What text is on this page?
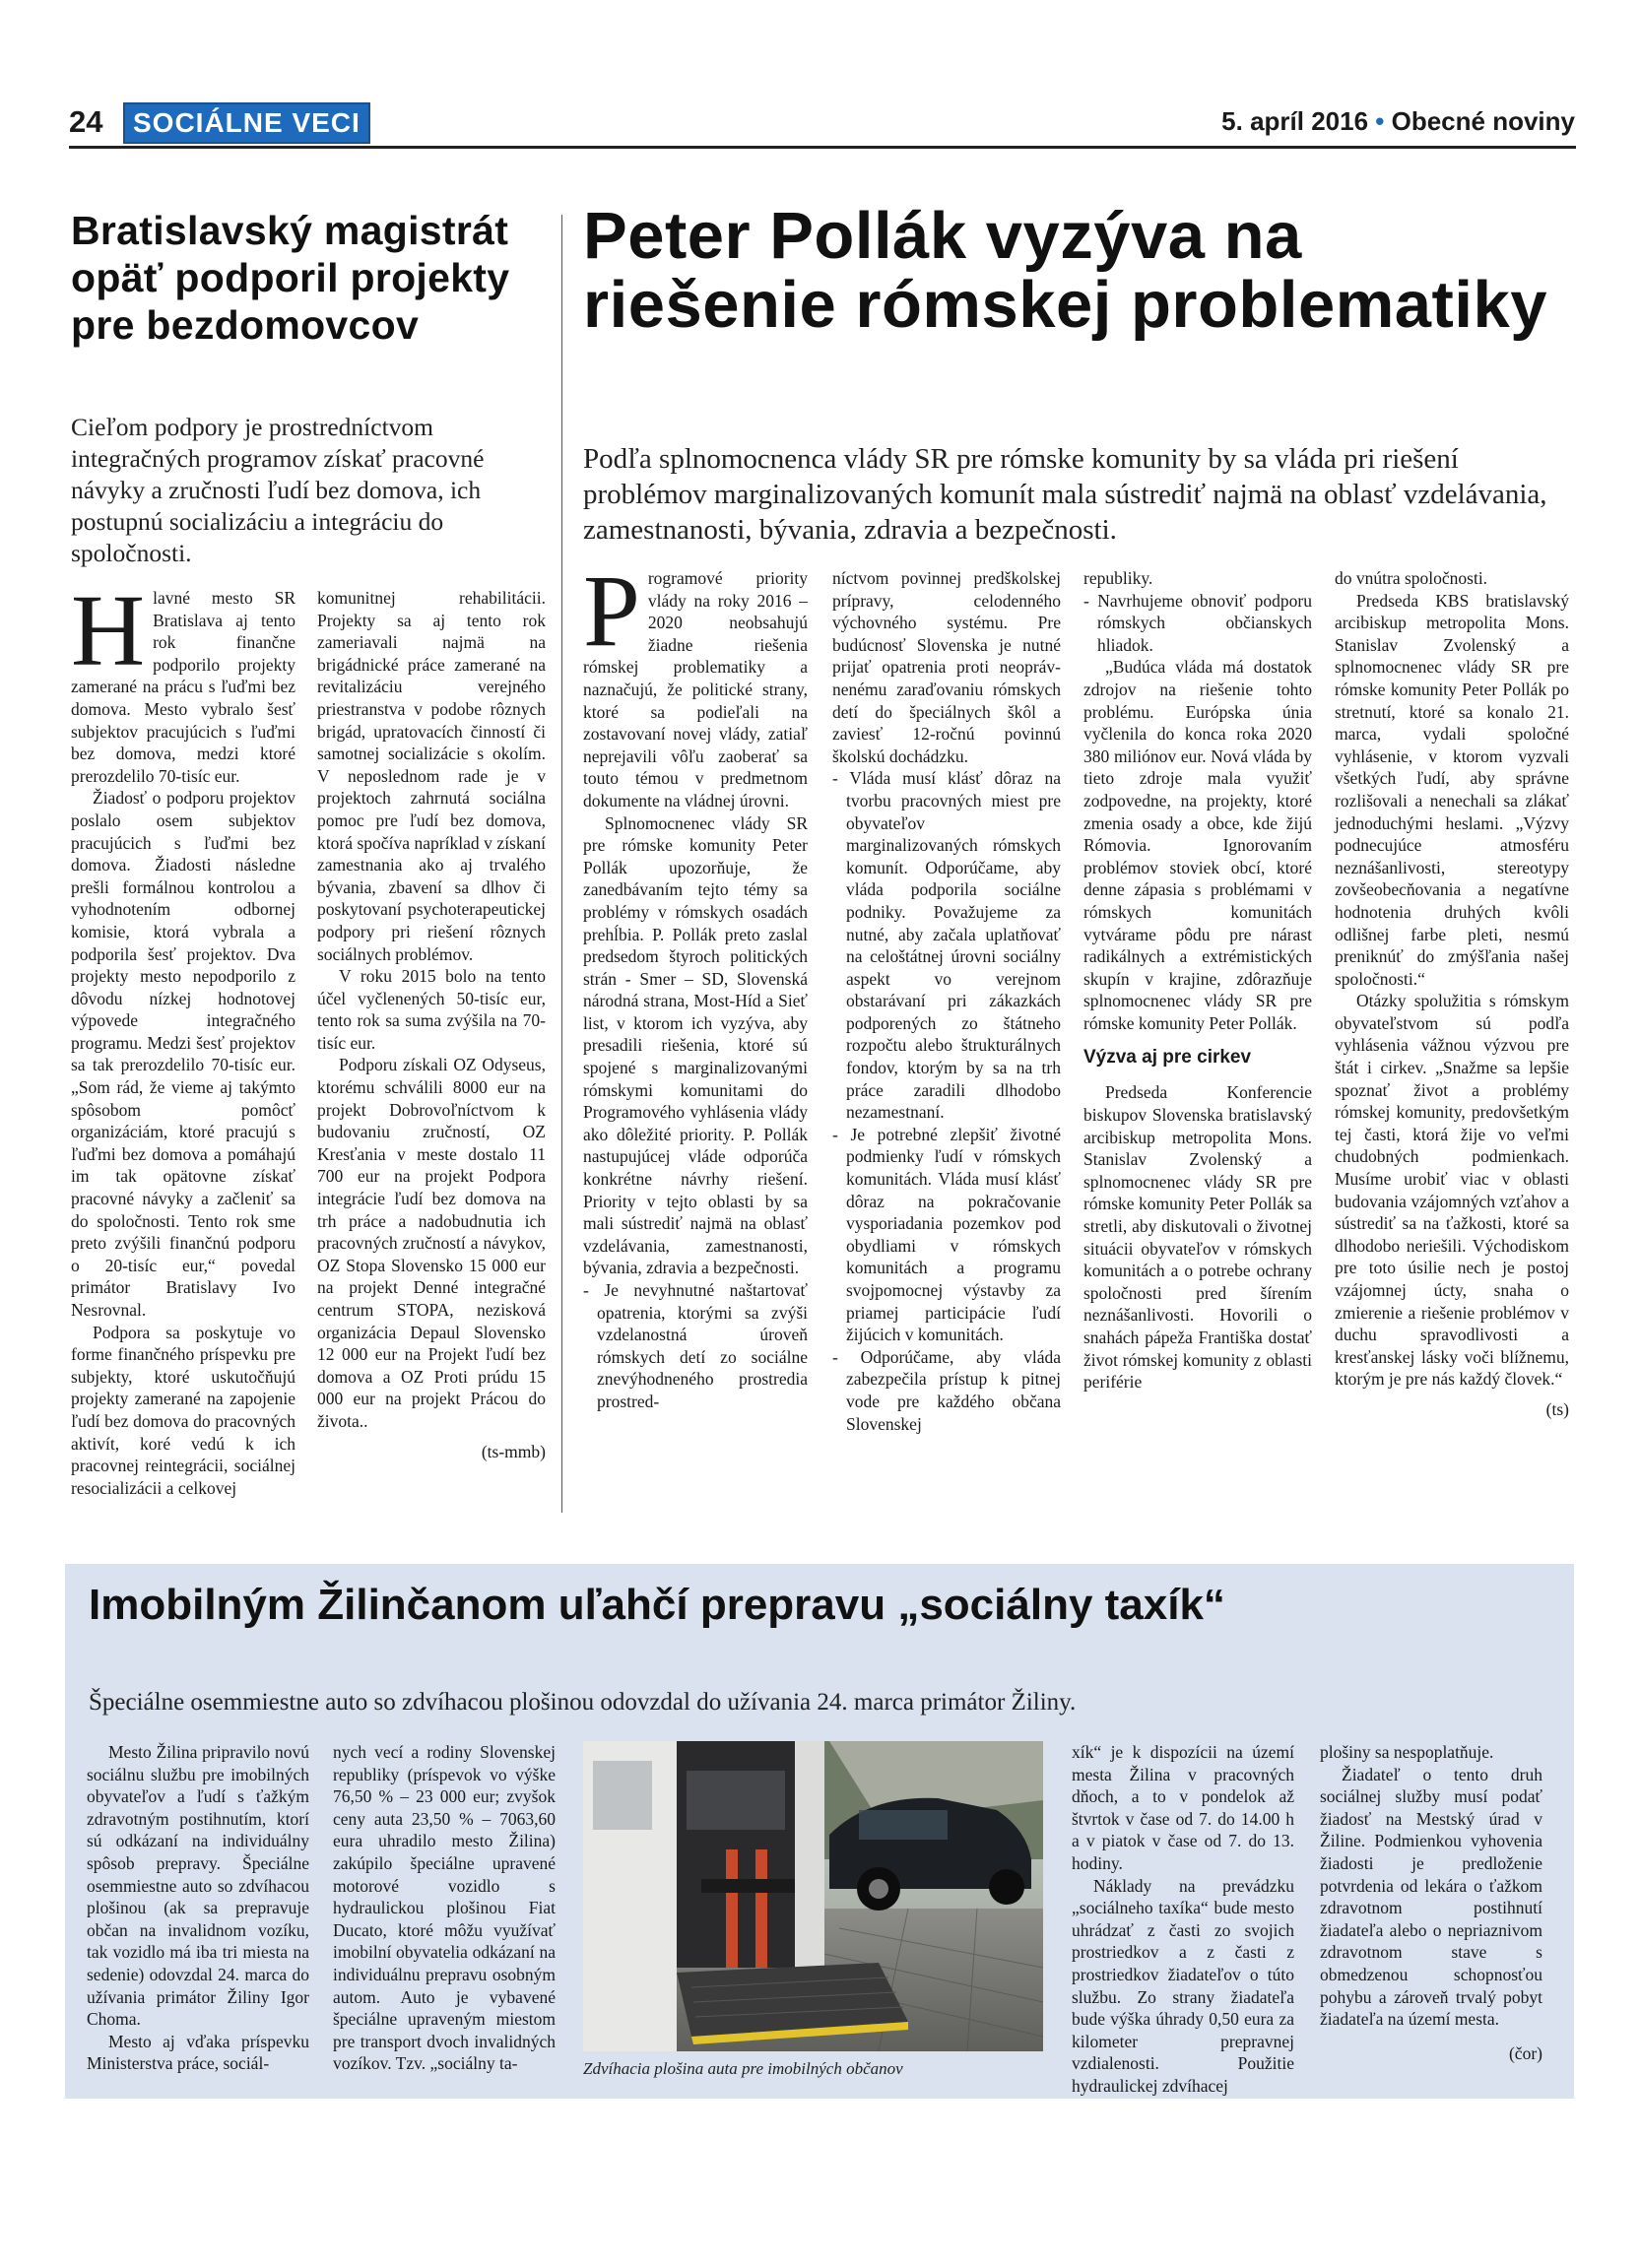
24	SOCIÁLNE VECI	5. apríl 2016 • Obecné noviny
Bratislavský magistrát opäť podporil projekty pre bezdomovcov
Cieľom podpory je prostredníctvom integračných programov získať pracovné návyky a zručnosti ľudí bez domova, ich postupnú socializáciu a integráciu do spoločnosti.

Hlavné mesto SR Bratislava aj tento rok finančne podporilo projekty zamerané na prácu s ľuďmi bez domova. Mesto vybralo šesť subjektov pracujúcich s ľuďmi bez domova, medzi ktoré prerozdelilo 70-tisíc eur.

Žiadosť o podporu projektov poslalo osem subjektov pracujúcich s ľuďmi bez domova. Žiadosti následne prešli formálnou kontrolou a vyhodnotením odbornej komisie, ktorá vybrala a podporila šesť projektov. Dva projekty mesto nepodporilo z dôvodu nízkej hodnotovej výpovede integračného programu. Medzi šesť projektov sa tak prerozdelilo 70-tisíc eur. „Som rád, že vieme aj takýmto spôsobom pomôcť organizáciám, ktoré pracujú s ľuďmi bez domova a pomáhajú im tak opätovne získať pracovné návyky a začleniť sa do spoločnosti. Tento rok sme preto zvýšili finančnú podporu o 20-tisíc eur,“ povedal primátor Bratislavy Ivo Nesrovnal.

Podpora sa poskytuje vo forme finančného príspevku pre subjekty, ktoré uskutočňujú projekty zamerané na zapojenie ľudí bez domova do pracovných aktivít, koré vedú k ich pracovnej reintegrácii, sociálnej resocializácii a celkovej

komunitnej rehabilitácii. Projekty sa aj tento rok zameriavali najmä na brigádnické práce zamerané na revitalizáciu verejného priestranstva v podobe rôznych brigád, upratovacích činností či samotnej socializácie s okolím. V neposlednom rade je v projektoch zahrnutá sociálna pomoc pre ľudí bez domova, ktorá spočíva napríklad v získaní zamestnania ako aj trvalého bývania, zbavení sa dlhov či poskytovaní psychoterapeutickej podpory pri riešení rôznych sociálnych problémov.

V roku 2015 bolo na tento účel vyčlenených 50-tisíc eur, tento rok sa suma zvýšila na 70-tisíc eur.

Podporu získali OZ Odyseus, ktorému schválili 8000 eur na projekt Dobrovoľníctvom k budovaniu zručností, OZ Kresťania v meste dostalo 11 700 eur na projekt Podpora integrácie ľudí bez domova na trh práce a nadobudnutia ich pracovných zručností a návykov, OZ Stopa Slovensko 15 000 eur na projekt Denné integračné centrum STOPA, nezisková organizácia Depaul Slovensko 12 000 eur na Projekt ľudí bez domova a OZ Proti prúdu 15 000 eur na projekt Prácou do života..

(ts-mmb)
Peter Pollák vyzýva na riešenie rómskej problematiky
Podľa splnomocnenca vlády SR pre rómske komunity by sa vláda pri riešení problémov marginalizovaných komunít mala sústrediť najmä na oblasť vzdelávania, zamestnanosti, bývania, zdravia a bezpečnosti.

Programové priority vlády na roky 2016 – 2020 neobsahujú žiadne riešenia rómskej problematiky a naznačujú, že politické strany, ktoré sa podieľali na zostavovaní novej vlády, zatiaľ neprejavili vôľu zaoberať sa touto témou v predmetnom dokumente na vládnej úrovni.

Splnomocnenec vlády SR pre rómske komunity Peter Pollák upozorňuje, že zanedbávaním tejto témy sa problémy v rómskych osadách prehĺbia. P. Pollák preto zaslal predsedom štyroch politických strán - Smer – SD, Slovenská národná strana, Most-Híd a Sieť list, v ktorom ich vyzýva, aby presadili riešenia, ktoré sú spojené s marginalizovanými rómskymi komunitami do Programového vyhlásenia vlády ako dôležité priority. P. Pollák nastupujúcej vláde odporúča konkrétne návrhy riešení. Priority v tejto oblasti by sa mali sústrediť najmä na oblasť vzdelávania, zamestnanosti, bývania, zdravia a bezpečnosti.

- Je nevyhnutné naštartovať opatrenia, ktorými sa zvýši vzdelanostná úroveň rómskych detí zo sociálne znevýhodneného prostredia prostred-

níctvom povinnej predškolskej prípravy, celodenného výchovného systému. Pre budúcnosť Slovenska je nutné prijať opatrenia proti neoprávnenému zaraďovaniu rómskych detí do špeciálnych škôl a zaviesť 12-ročnú povinnú školskú dochádzku.

- Vláda musí klásť dôraz na tvorbu pracovných miest pre obyvateľov marginalizovaných rómskych komunít. Odporúčame, aby vláda podporila sociálne podniky. Považujeme za nutné, aby začala uplatňovať na celoštátnej úrovni sociálny aspekt vo verejnom obstarávaní pri zákazkách podporených zo štátneho rozpočtu alebo štrukturálnych fondov, ktorým by sa na trh práce zaradili dlhodobo nezamestnaní.

- Je potrebné zlepšiť životné podmienky ľudí v rómskych komunitách. Vláda musí klásť dôraz na pokračovanie vysporiadania pozemkov pod obydliami v rómskych komunitách a programu svojpomocnej výstavby za priamej participácie ľudí žijúcich v komunitách.

- Odporúčame, aby vláda zabezpečila prístup k pitnej vode pre každého občana Slovenskej

republiky.

- Navrhujeme obnoviť podporu rómskych občianskych hliadok.

„Budúca vláda má dostatok zdrojov na riešenie tohto problému. Európska únia vyčlenila do konca roka 2020 380 miliónov eur. Nová vláda by tieto zdroje mala využiť zodpovedne, na projekty, ktoré zmenia osady a obce, kde žijú Rómovia. Ignorovaním problémov stoviek obcí, ktoré denne zápasia s problémami v rómskych komunitách vytvárame pôdu pre nárast radikálnych a extrémistických skupín v krajine, zdôrazňuje splnomocnenec vlády SR pre rómske komunity Peter Pollák.

Výzva aj pre cirkev

Predseda Konferencie biskupov Slovenska bratislavský arcibiskup metropolita Mons. Stanislav Zvolenský a splnomocnenec vlády SR pre rómske komunity Peter Pollák sa stretli, aby diskutovali o životnej situácii obyvateľov v rómskych komunitách a o potrebe ochrany spoločnosti pred šírením neznášanlivosti. Hovorili o snahách pápeža Františka dostať život rómskej komunity z oblasti periférie

do vnútra spoločnosti.

Predseda KBS bratislavský arcibiskup metropolita Mons. Stanislav Zvolenský a splnomocnenec vlády SR pre rómske komunity Peter Pollák po stretnutí, ktoré sa konalo 21. marca, vydali spoločné vyhlásenie, v ktorom vyzvali všetkých ľudí, aby správne rozlišovali a nenechali sa zlákať jednoduchými heslami. „Výzvy podnecujúce atmosféru neznášanlivosti, stereotypy zovšeobecňovania a negatívne hodnotenia druhých kvôli odlišnej farbe pleti, nesmú preniknúť do zmýšľania našej spoločnosti.“

Otázky spolužitia s rómskym obyvateľstvom sú podľa vyhlásenia vážnou výzvou pre štát i cirkev. „Snažme sa lepšie spoznať život a problémy rómskej komunity, predovšetkým tej časti, ktorá žije vo veľmi chudobných podmienkach. Musíme urobiť viac v oblasti budovania vzájomných vzťahov a sústrediť sa na ťažkosti, ktoré sa dlhodobo neriešili. Východiskom pre toto úsilie nech je postoj vzájomnej úcty, snaha o zmierenie a riešenie problémov v duchu spravodlivosti a kresťanskej lásky voči blížnemu, ktorým je pre nás každý človek.“

(ts)
Imobilným Žilinčanom uľahčí prepravu „sociálny taxík“
Špeciálne osemmiestne auto so zdvíhacou plošinou odovzdal do užívania 24. marca primátor Žiliny.

Mesto Žilina pripravilo novú sociálnu službu pre imobilných obyvateľov a ľudí s ťažkým zdravotným postihnutím, ktorí sú odkázaní na individuálny spôsob prepravy. Špeciálne osemmiestne auto so zdvíhacou plošinou (ak sa prepravuje občan na invalidnom vozíku, tak vozidlo má iba tri miesta na sedenie) odovzdal 24. marca do užívania primátor Žiliny Igor Choma.

Mesto aj vďaka príspevku Ministerstva práce, sociál-

nych vecí a rodiny Slovenskej republiky (príspevok vo výške 76,50 % – 23 000 eur; zvyšok ceny auta 23,50 % – 7063,60 eura uhradilo mesto Žilina) zakúpilo špeciálne upravené motorové vozidlo s hydraulickou plošinou Fiat Ducato, ktoré môžu využívať imobilní obyvatelia odkázaní na individuálnu prepravu osobným autom. Auto je vybavené špeciálne upraveným miestom pre transport dvoch invalidných vozíkov. Tzv. „sociálny ta-	Zdvíhacia plošina auta pre imobilných občanov

xík“ je k dispozícii na území mesta Žilina v pracovných dňoch, a to v pondelok až štvrtok v čase od 7. do 14.00 h a v piatok v čase od 7. do 13. hodiny.

Náklady na prevádzku „sociálneho taxíka“ bude mesto uhrádzať z časti zo svojich prostriedkov a z časti z prostriedkov žiadateľov o túto službu. Zo strany žiadateľa bude výška úhrady 0,50 eura za kilometer prepravnej vzdialenosti. Použitie hydraulickej zdvíhacej

plošiny sa nespoplatňuje.

Žiadateľ o tento druh sociálnej služby musí podať žiadosť na Mestský úrad v Žiline. Podmienkou vyhovenia žiadosti je predloženie potvrdenia od lekára o ťažkom zdravotnom postihnutí žiadateľa alebo o nepriaznivom zdravotnom stave s obmedzenou schopnosťou pohybu a zároveň trvalý pobyt žiadateľa na území mesta.

(čor)
